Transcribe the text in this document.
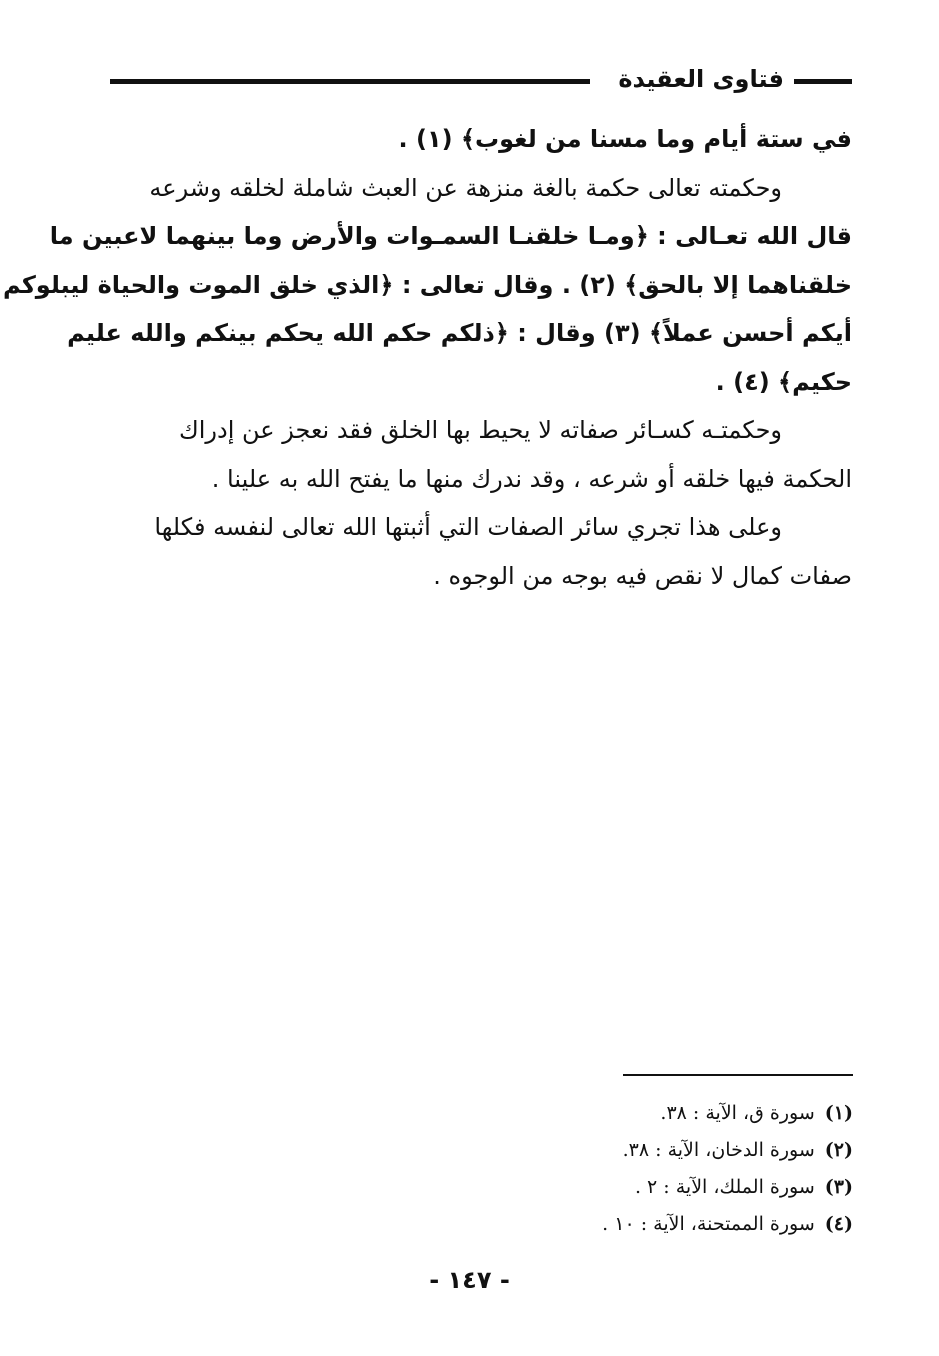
فتاوى العقيدة
في ستة أيام وما مسنا من لغوب﴾ (١) .
وحكمته تعالى حكمة بالغة منزهة عن العبث شاملة لخلقه وشرعه
قال الله تعـالى : ﴿ومـا خلقنـا السمـوات والأرض وما بينهما لاعبين ما
خلقناهما إلا بالحق﴾ (٢) . وقال تعالى : ﴿الذي خلق الموت والحياة ليبلوكم
أيكم أحسن عملاً﴾ (٣) وقال : ﴿ذلكم حكم الله يحكم بينكم والله عليم
حكيم﴾ (٤) .
وحكمتـه كسـائر صفاته لا يحيط بها الخلق فقد نعجز عن إدراك
الحكمة فيها خلقه أو شرعه ، وقد ندرك منها ما يفتح الله به علينا .
وعلى هذا تجري سائر الصفات التي أثبتها الله تعالى لنفسه فكلها
صفات كمال لا نقص فيه بوجه من الوجوه .
(١)سورة ق، الآية : ٣٨.
(٢)سورة الدخان، الآية : ٣٨.
(٣)سورة الملك، الآية : ٢ .
(٤)سورة الممتحنة، الآية : ١٠ .
- ١٤٧ -
